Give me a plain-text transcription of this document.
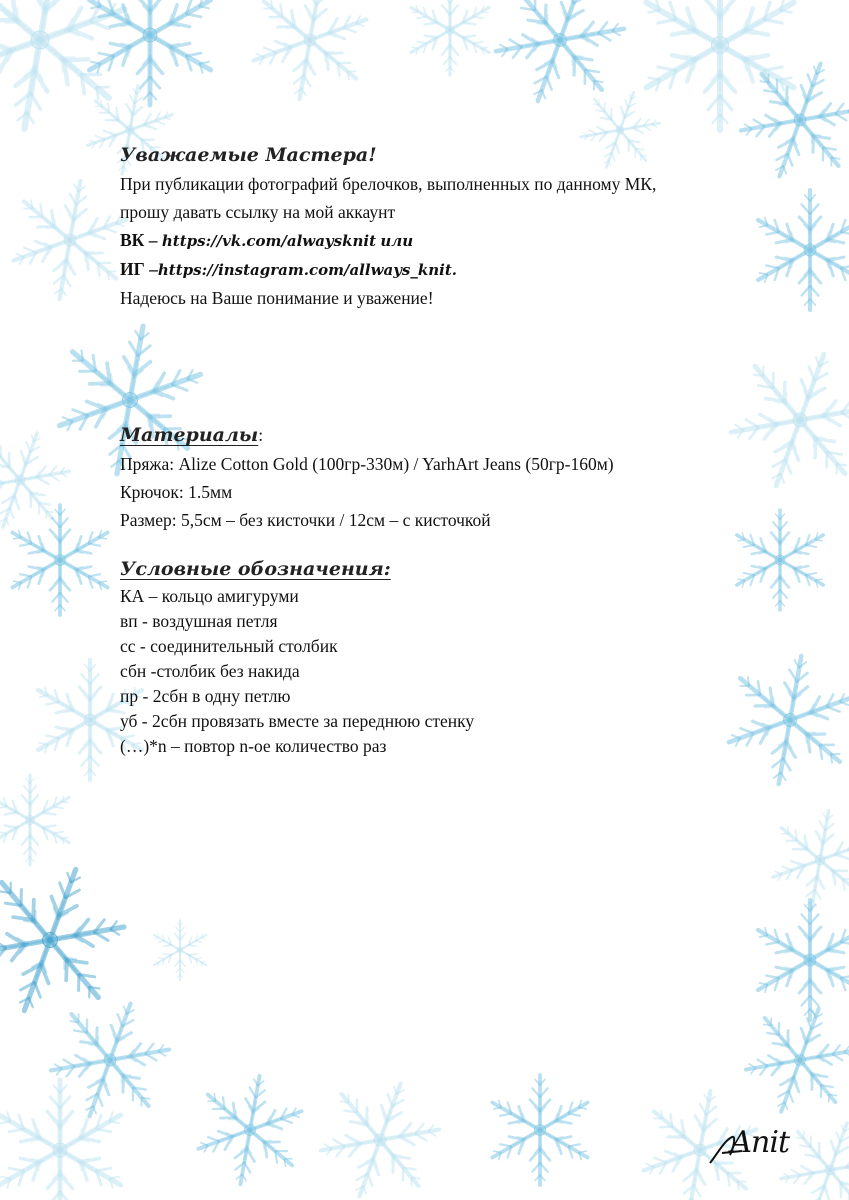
Уважаемые Мастера!
При публикации фотографий брелочков, выполненных по данному МК,
прошу давать ссылку на мой аккаунт
ВК – https://vk.com/alwaysknit или
ИГ –https://instagram.com/allways_knit.
Надеюсь на Ваше понимание и уважение!
Материалы:
Пряжа: Alize Cotton Gold (100гр-330м) / YarhArt Jeans (50гр-160м)
Крючок: 1.5мм
Размер: 5,5см – без кисточки / 12см – с кисточкой
Условные обозначения:
КА – кольцо амигуруми
вп - воздушная петля
сс - соединительный столбик
сбн -столбик без накида
пр - 2сбн в одну петлю
уб - 2сбн провязать вместе за переднюю стенку
(…)*n – повтор n-ое количество раз
Anit
